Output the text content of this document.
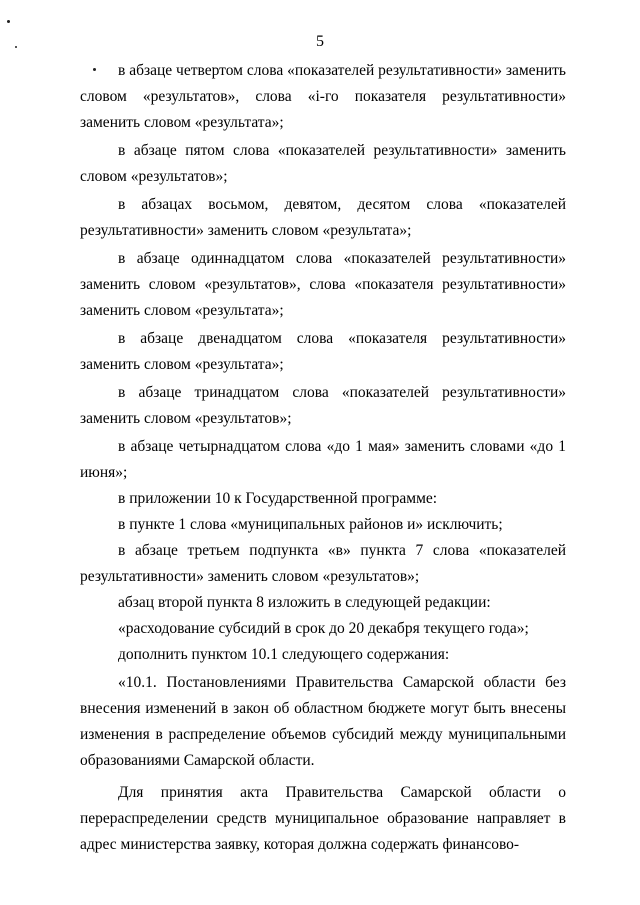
5

в абзаце четвертом слова «показателей результативности» заменить словом «результатов», слова «i-го показателя результативности» заменить словом «результата»;

в абзаце пятом слова «показателей результативности» заменить словом «результатов»;

в абзацах восьмом, девятом, десятом слова «показателей результативности» заменить словом «результата»;

в абзаце одиннадцатом слова «показателей результативности» заменить словом «результатов», слова «показателя результативности» заменить словом «результата»;

в абзаце двенадцатом слова «показателя результативности» заменить словом «результата»;

в абзаце тринадцатом слова «показателей результативности» заменить словом «результатов»;

в абзаце четырнадцатом слова «до 1 мая» заменить словами «до 1 июня»;

в приложении 10 к Государственной программе:

в пункте 1 слова «муниципальных районов и» исключить;

в абзаце третьем подпункта «в» пункта 7 слова «показателей результативности» заменить словом «результатов»;

абзац второй пункта 8 изложить в следующей редакции:

«расходование субсидий в срок до 20 декабря текущего года»;

дополнить пунктом 10.1 следующего содержания:

«10.1. Постановлениями Правительства Самарской области без внесения изменений в закон об областном бюджете могут быть внесены изменения в распределение объемов субсидий между муниципальными образованиями Самарской области.

Для принятия акта Правительства Самарской области о перераспределении средств муниципальное образование направляет в адрес министерства заявку, которая должна содержать финансово-
